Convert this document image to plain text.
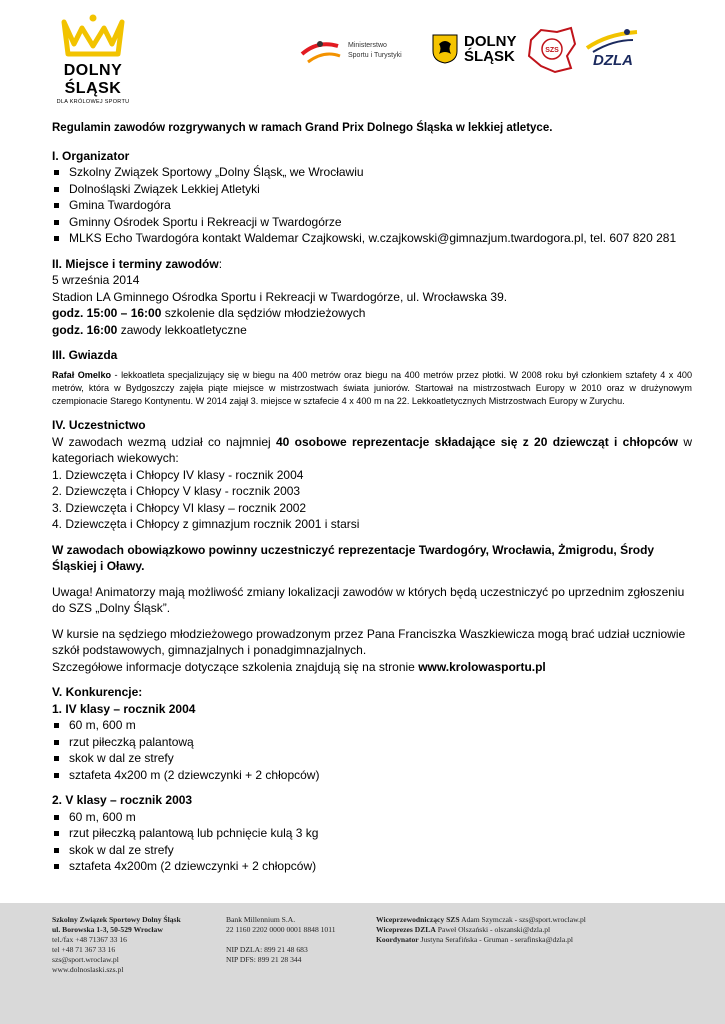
DOLNY ŚLĄSK
DLA KRÓLOWEJ SPORTU
Ministerstwo
Sportu i Turystyki
DOLNY
ŚLĄSK	SZS
DZLA

Regulamin zawodów rozgrywanych w ramach Grand Prix Dolnego Śląska w lekkiej atletyce.

I. Organizator

Szkolny Związek Sportowy „Dolny Śląsk„ we Wrocławiu
Dolnośląski Związek Lekkiej Atletyki
Gmina Twardogóra
Gminny Ośrodek Sportu i Rekreacji w Twardogórze
MLKS Echo Twardogóra kontakt Waldemar Czajkowski, w.czajkowski@gimnazjum.twardogora.pl, tel. 607 820 281

II. Miejsce i terminy zawodów:

5 września 2014

Stadion LA Gminnego Ośrodka Sportu i Rekreacji w Twardogórze, ul. Wrocławska 39.

godz. 15:00 – 16:00 szkolenie dla sędziów młodzieżowych

godz. 16:00 zawody lekkoatletyczne

III. Gwiazda

Rafał Omelko - lekkoatleta specjalizujący się w biegu na 400 metrów oraz biegu na 400 metrów przez płotki. W 2008 roku był członkiem sztafety 4 x 400 metrów, która w Bydgoszczy zajęła piąte miejsce w mistrzostwach świata juniorów. Startował na mistrzostwach Europy w 2010 oraz w drużynowym czempionacie Starego Kontynentu. W 2014 zajął 3. miejsce w sztafecie 4 x 400 m na 22. Lekkoatletycznych Mistrzostwach Europy w Zurychu.

IV. Uczestnictwo

W zawodach wezmą udział co najmniej 40 osobowe reprezentacje składające się z 20 dziewcząt i chłopców w kategoriach wiekowych:

1. Dziewczęta i Chłopcy IV klasy - rocznik 2004
2. Dziewczęta i Chłopcy V klasy - rocznik 2003
3. Dziewczęta i Chłopcy VI klasy – rocznik 2002
4. Dziewczęta i Chłopcy z gimnazjum rocznik 2001 i starsi

W zawodach obowiązkowo powinny uczestniczyć reprezentacje Twardogóry, Wrocławia, Żmigrodu, Środy Śląskiej i Oławy.

Uwaga! Animatorzy mają możliwość zmiany lokalizacji zawodów w których będą uczestniczyć po uprzednim zgłoszeniu do SZS „Dolny Śląsk”.

W kursie na sędziego młodzieżowego prowadzonym przez Pana Franciszka Waszkiewicza mogą brać udział uczniowie szkół podstawowych, gimnazjalnych i ponadgimnazjalnych.

Szczegółowe informacje dotyczące szkolenia znajdują się na stronie www.krolowasportu.pl

V. Konkurencje:

1. IV klasy – rocznik 2004

60 m, 600 m
rzut piłeczką palantową
skok w dal ze strefy
sztafeta 4x200 m (2 dziewczynki + 2 chłopców)

2. V klasy – rocznik 2003

60 m, 600 m
rzut piłeczką palantową lub pchnięcie kulą 3 kg
skok w dal ze strefy
sztafeta 4x200m (2 dziewczynki + 2 chłopców)
Szkolny Związek Sportowy Dolny Śląsk
ul. Borowska 1-3, 50-529 Wrocław
tel./fax +48 71367 33 16
tel +48 71 367 33 16
szs@sport.wroclaw.pl
www.dolnoslaski.szs.pl
Bank Millennium S.A.
22 1160 2202 0000 0001 8848 1011
NIP DZLA: 899 21 48 683
NIP DFS: 899 21 28 344
Wiceprzewodniczący SZS Adam Szymczak - szs@sport.wroclaw.pl
Wiceprezes DZLA Paweł Olszański - olszanski@dzla.pl
Koordynator Justyna Serafińska - Gruman - serafinska@dzla.pl
